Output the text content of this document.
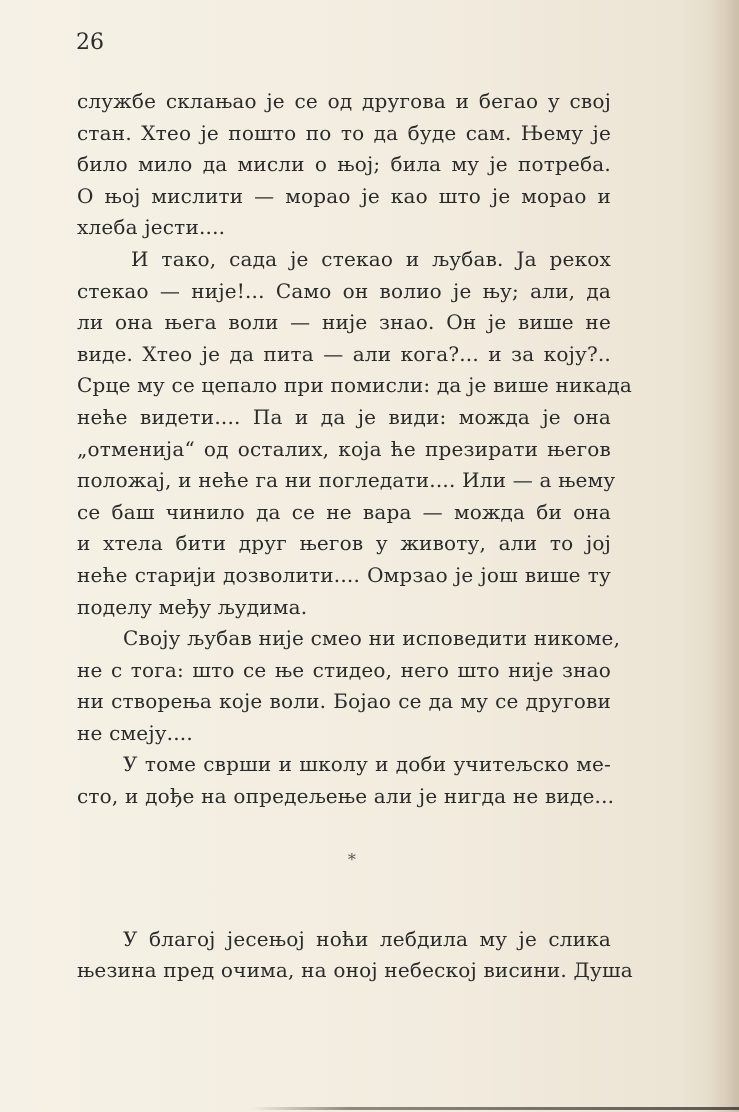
26
службе склањао је се од другова и бегао у свој
стан. Хтео је пошто по то да буде сам. Њему је
било мило да мисли о њој; била му је потреба.
О њој мислити — морао је као што је морао и
хлеба јести....
И тако, сада је стекао и љубав. Ја рекох
стекао — није!... Само он волио је њу; али, да
ли она њега воли — није знао. Он је више не
виде. Хтео је да пита — али кога?... и за коју?..
Срце му се цепало при помисли: да је више никада
неће видети.... Па и да је види: можда је она
„отменија“ од осталих, која ће презирати његов
положај, и неће га ни погледати.... Или — а њему
се баш чинило да се не вара — можда би она
и хтела бити друг његов у животу, али то јој
неће старији дозволити.... Омрзао је још више ту
поделу међу људима.
Своју љубав није смео ни исповедити никоме,
не с тога: што се ње стидео, него што није знао
ни створења које воли. Бојао се да му се другови
не смеју....
У томе сврши и школу и доби учитељско ме-
сто, и дође на опредељење али је нигда не виде...
*
У благој јесењој ноћи лебдила му је слика
њезина пред очима, на оној небеској висини. Душа
